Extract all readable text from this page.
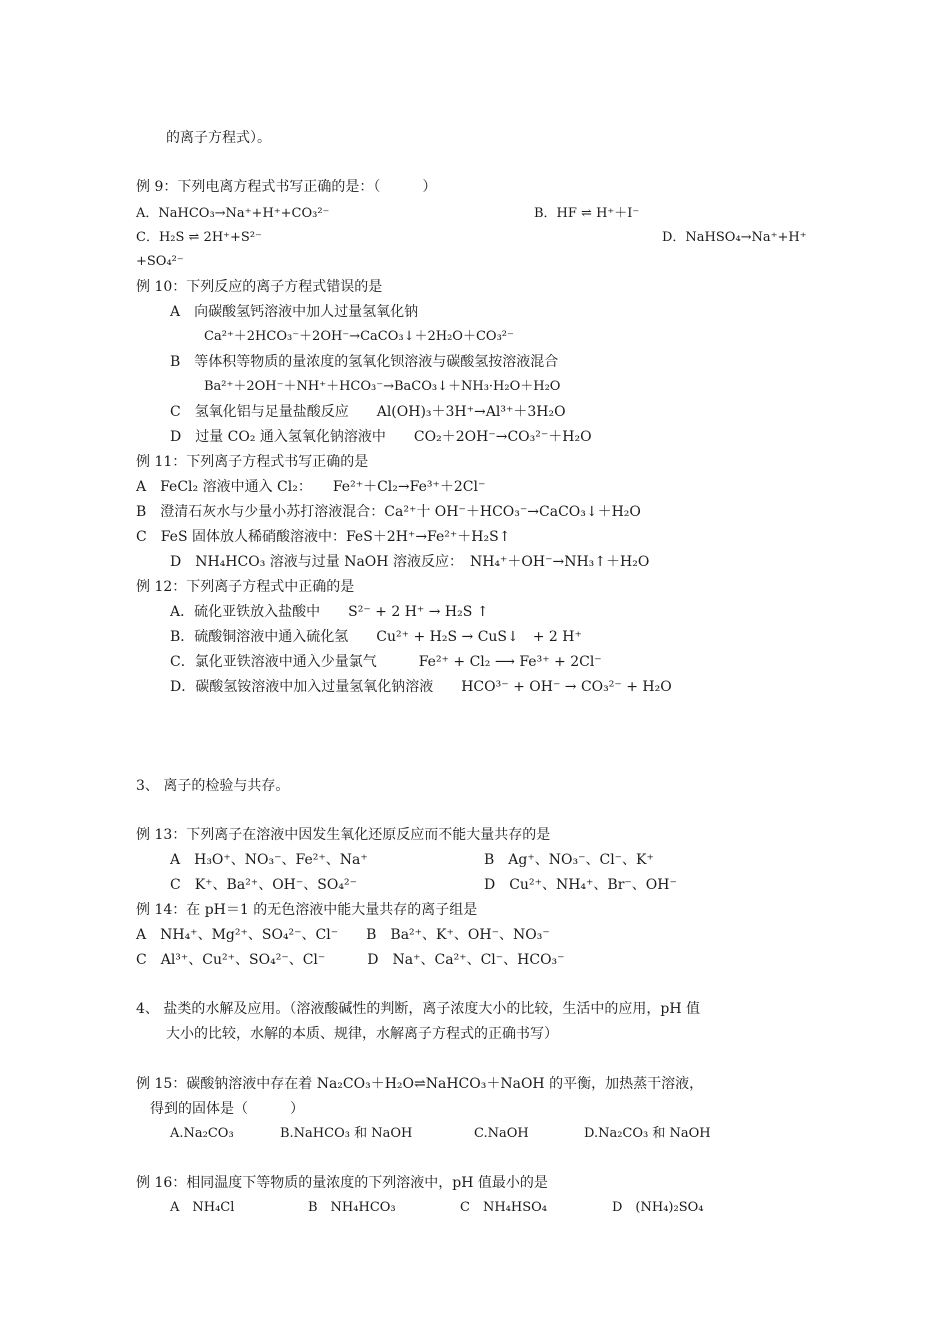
的离子方程式）。
例 9：下列电离方程式书写正确的是：（　　　）
A．NaHCO₃→Na⁺+H⁺+CO₃²⁻	B．HF ⇌ H⁺＋I⁻
C．H₂S ⇌ 2H⁺+S²⁻	D．NaHSO₄→Na⁺+H⁺
+SO₄²⁻
例 10：下列反应的离子方程式错误的是
A　向碳酸氢钙溶液中加人过量氢氧化钠
Ca²⁺＋2HCO₃⁻＋2OH⁻→CaCO₃↓＋2H₂O＋CO₃²⁻
B　等体积等物质的量浓度的氢氧化钡溶液与碳酸氢按溶液混合
Ba²⁺＋2OH⁻＋NH⁺＋HCO₃⁻→BaCO₃↓＋NH₃·H₂O＋H₂O
C　氢氧化铝与足量盐酸反应　　Al(OH)₃＋3H⁺→Al³⁺＋3H₂O
D　过量 CO₂ 通入氢氧化钠溶液中　　CO₂＋2OH⁻→CO₃²⁻＋H₂O
例 11：下列离子方程式书写正确的是
A　FeCl₂ 溶液中通入 Cl₂：　　Fe²⁺＋Cl₂→Fe³⁺＋2Cl⁻
B　澄清石灰水与少量小苏打溶液混合：Ca²⁺十 OH⁻＋HCO₃⁻→CaCO₃↓＋H₂O
C　FeS 固体放人稀硝酸溶液中：FeS＋2H⁺→Fe²⁺＋H₂S↑
D　NH₄HCO₃ 溶液与过量 NaOH 溶液反应：　NH₄⁺＋OH⁻→NH₃↑＋H₂O
例 12：下列离子方程式中正确的是
A．硫化亚铁放入盐酸中　　S²⁻ + 2 H⁺ → H₂S ↑
B．硫酸铜溶液中通入硫化氢　　Cu²⁺ + H₂S → CuS↓　+ 2 H⁺
C．氯化亚铁溶液中通入少量氯气　　　Fe²⁺ + Cl₂ ⟶ Fe³⁺ + 2Cl⁻
D．碳酸氢铵溶液中加入过量氢氧化钠溶液　　HCO³⁻ + OH⁻ → CO₃²⁻ + H₂O
3、 离子的检验与共存。
例 13：下列离子在溶液中因发生氧化还原反应而不能大量共存的是
A　H₃O⁺、NO₃⁻、Fe²⁺、Na⁺	B　Ag⁺、NO₃⁻、Cl⁻、K⁺
C　K⁺、Ba²⁺、OH⁻、SO₄²⁻	D　Cu²⁺、NH₄⁺、Br⁻、OH⁻
例 14：在 pH＝1 的无色溶液中能大量共存的离子组是
A　NH₄⁺、Mg²⁺、SO₄²⁻、Cl⁻　　B　Ba²⁺、K⁺、OH⁻、NO₃⁻
C　Al³⁺、Cu²⁺、SO₄²⁻、Cl⁻　　　D　Na⁺、Ca²⁺、Cl⁻、HCO₃⁻
4、 盐类的水解及应用。（溶液酸碱性的判断，离子浓度大小的比较，生活中的应用，pH 值
大小的比较，水解的本质、规律，水解离子方程式的正确书写）
例 15：碳酸钠溶液中存在着 Na₂CO₃＋H₂O⇌NaHCO₃＋NaOH 的平衡，加热蒸干溶液，
得到的固体是（　　　）
A.Na₂CO₃	B.NaHCO₃ 和 NaOH	C.NaOH	D.Na₂CO₃ 和 NaOH
例 16：相同温度下等物质的量浓度的下列溶液中，pH 值最小的是
A　NH₄Cl	B　NH₄HCO₃	C　NH₄HSO₄	D　(NH₄)₂SO₄
